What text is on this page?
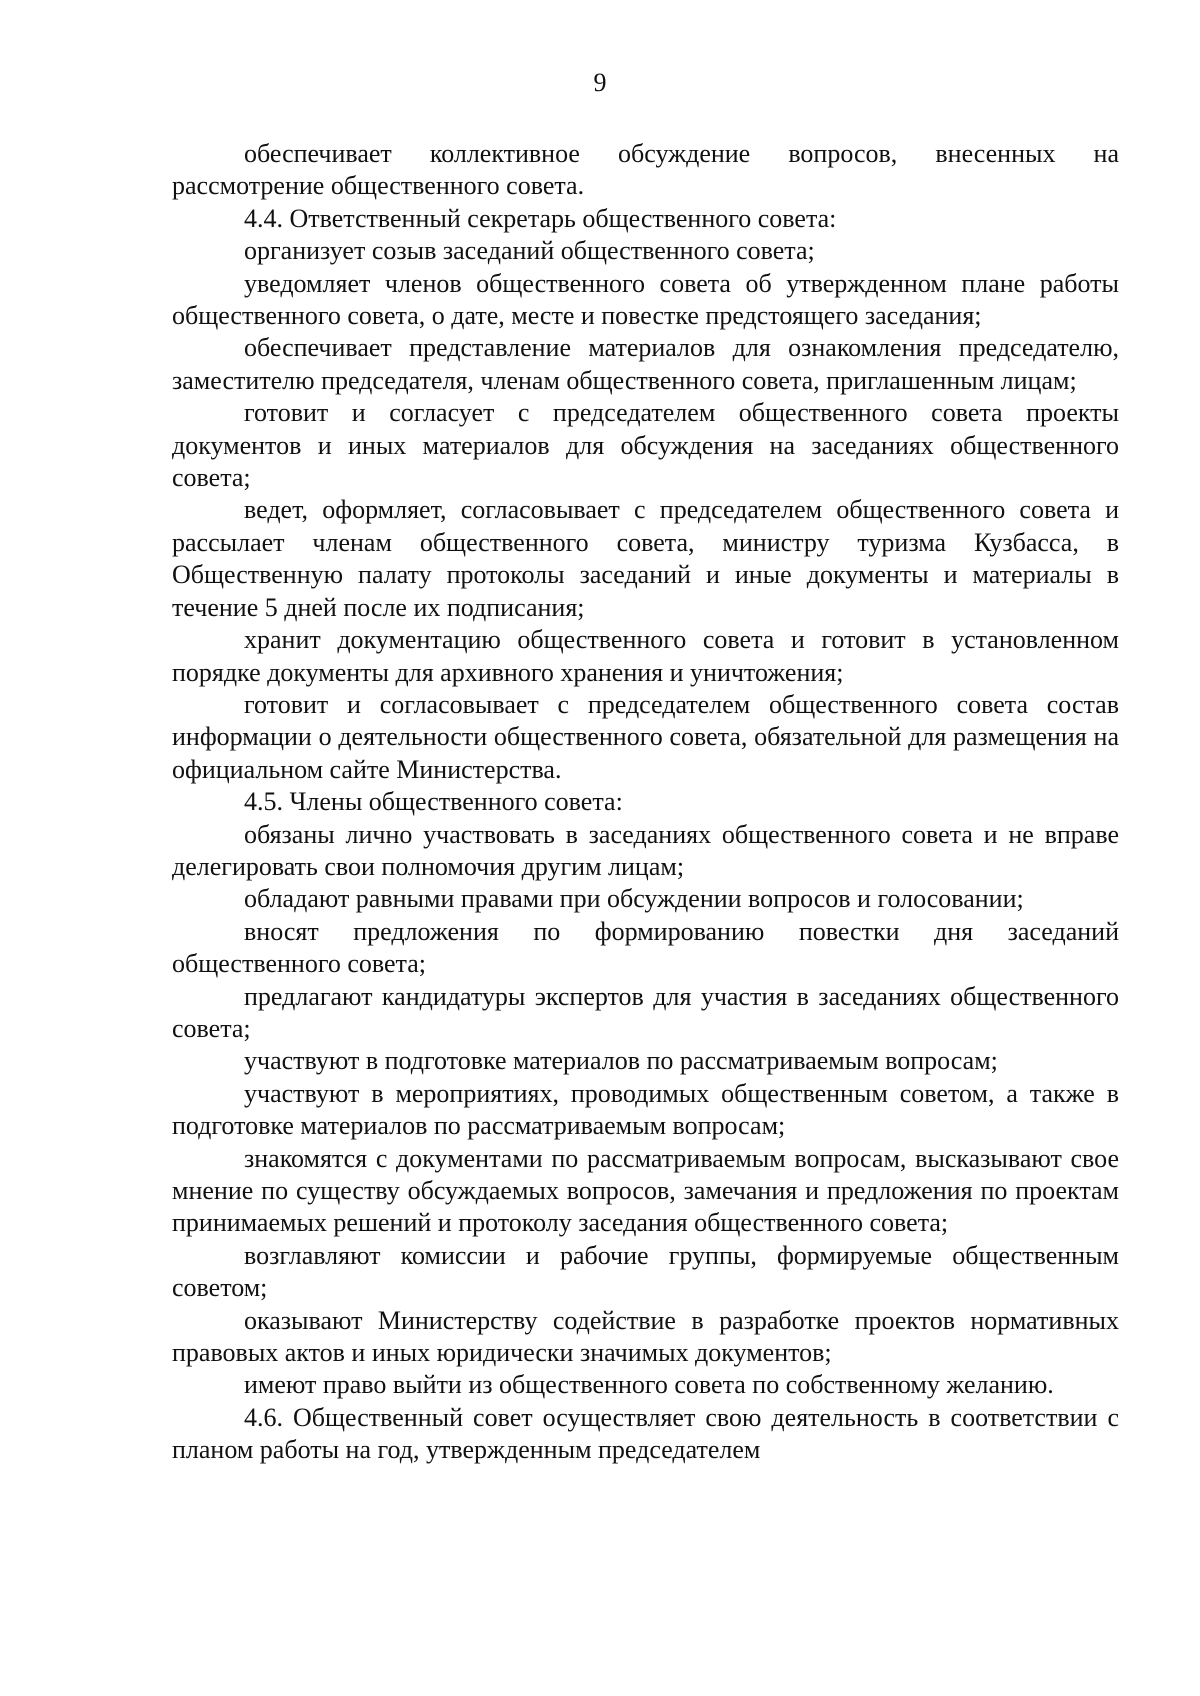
9

обеспечивает коллективное обсуждение вопросов, внесенных на рассмотрение общественного совета.

4.4. Ответственный секретарь общественного совета:

организует созыв заседаний общественного совета;

уведомляет членов общественного совета об утвержденном плане работы общественного совета, о дате, месте и повестке предстоящего заседания;

обеспечивает представление материалов для ознакомления председателю, заместителю председателя, членам общественного совета, приглашенным лицам;

готовит и согласует с председателем общественного совета проекты документов и иных материалов для обсуждения на заседаниях общественного совета;

ведет, оформляет, согласовывает с председателем общественного совета и рассылает членам общественного совета, министру туризма Кузбасса, в Общественную палату протоколы заседаний и иные документы и материалы в течение 5 дней после их подписания;

хранит документацию общественного совета и готовит в установленном порядке документы для архивного хранения и уничтожения;

готовит и согласовывает с председателем общественного совета состав информации о деятельности общественного совета, обязательной для размещения на официальном сайте Министерства.

4.5. Члены общественного совета:

обязаны лично участвовать в заседаниях общественного совета и не вправе делегировать свои полномочия другим лицам;

обладают равными правами при обсуждении вопросов и голосовании;

вносят предложения по формированию повестки дня заседаний общественного совета;

предлагают кандидатуры экспертов для участия в заседаниях общественного совета;

участвуют в подготовке материалов по рассматриваемым вопросам;

участвуют в мероприятиях, проводимых общественным советом, а также в подготовке материалов по рассматриваемым вопросам;

знакомятся с документами по рассматриваемым вопросам, высказывают свое мнение по существу обсуждаемых вопросов, замечания и предложения по проектам принимаемых решений и протоколу заседания общественного совета;

возглавляют комиссии и рабочие группы, формируемые общественным советом;

оказывают Министерству содействие в разработке проектов нормативных правовых актов и иных юридически значимых документов;

имеют право выйти из общественного совета по собственному желанию.

4.6. Общественный совет осуществляет свою деятельность в соответствии с планом работы на год, утвержденным председателем
